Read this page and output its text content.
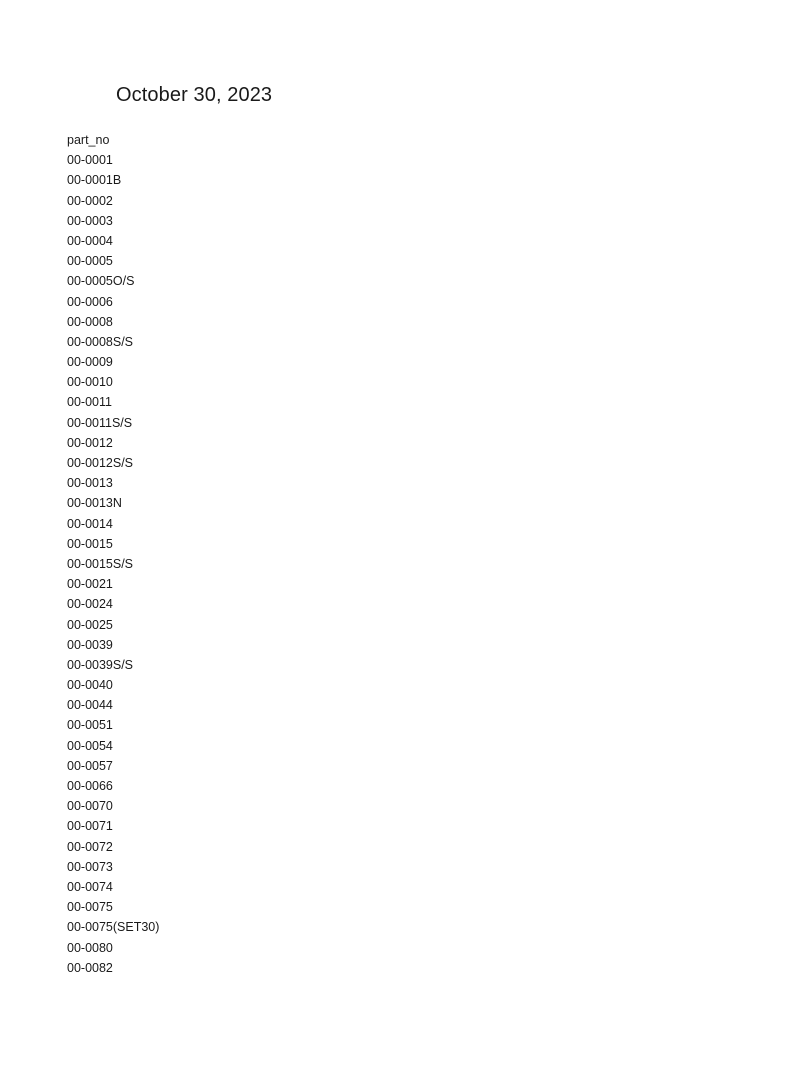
October 30, 2023
part_no
00-0001
00-0001B
00-0002
00-0003
00-0004
00-0005
00-0005O/S
00-0006
00-0008
00-0008S/S
00-0009
00-0010
00-0011
00-0011S/S
00-0012
00-0012S/S
00-0013
00-0013N
00-0014
00-0015
00-0015S/S
00-0021
00-0024
00-0025
00-0039
00-0039S/S
00-0040
00-0044
00-0051
00-0054
00-0057
00-0066
00-0070
00-0071
00-0072
00-0073
00-0074
00-0075
00-0075(SET30)
00-0080
00-0082
